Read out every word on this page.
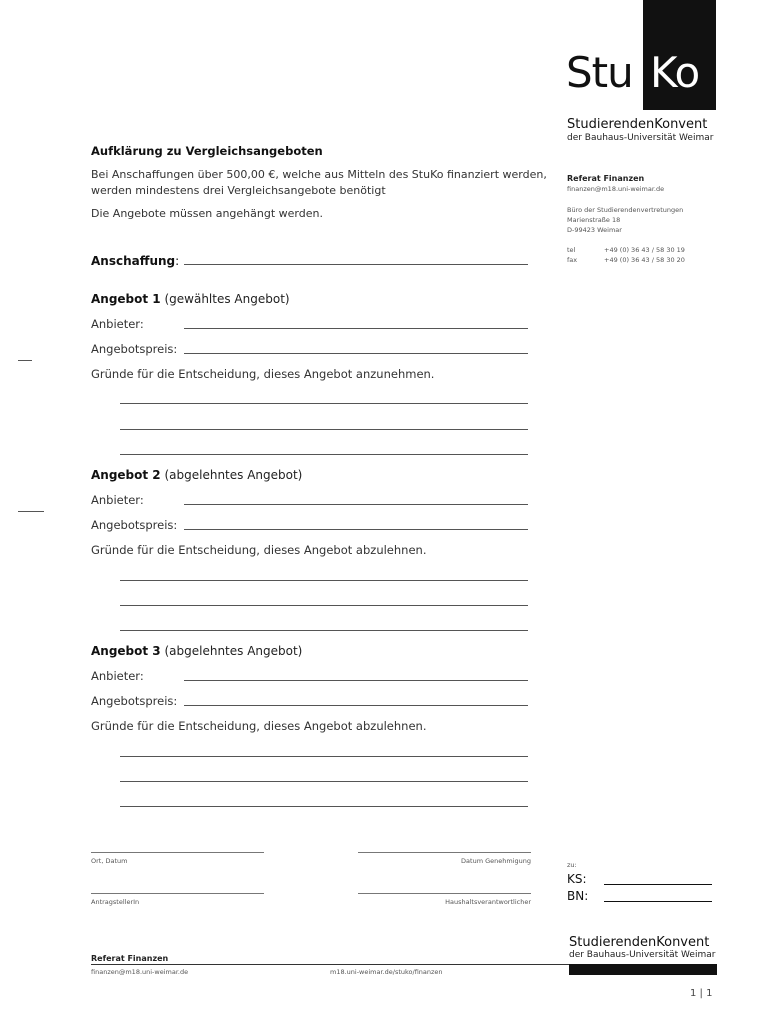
Stu Ko
StudierendenKonvent
der Bauhaus-Universität Weimar
Referat Finanzen
finanzen@m18.uni-weimar.de
Büro der Studierendenvertretungen
Marienstraße 18
D-99423 Weimar
tel	+49 (0) 36 43 / 58 30 19
fax	+49 (0) 36 43 / 58 30 20
Aufklärung zu Vergleichsangeboten
Bei Anschaffungen über 500,00 €, welche aus Mitteln des StuKo finanziert werden,
werden mindestens drei Vergleichsangebote benötigt
Die Angebote müssen angehängt werden.
Anschaffung:
Angebot 1 (gewähltes Angebot)
Anbieter:
Angebotspreis:
Gründe für die Entscheidung, dieses Angebot anzunehmen.
Angebot 2 (abgelehntes Angebot)
Anbieter:
Angebotspreis:
Gründe für die Entscheidung, dieses Angebot abzulehnen.
Angebot 3 (abgelehntes Angebot)
Anbieter:
Angebotspreis:
Gründe für die Entscheidung, dieses Angebot abzulehnen.
Ort, Datum	Datum Genehmigung
AntragstellerIn	Haushaltsverantwortlicher
zu:
KS:
BN:
StudierendenKonvent
der Bauhaus-Universität Weimar
Referat Finanzen
finanzen@m18.uni-weimar.de	m18.uni-weimar.de/stuko/finanzen
1 | 1
